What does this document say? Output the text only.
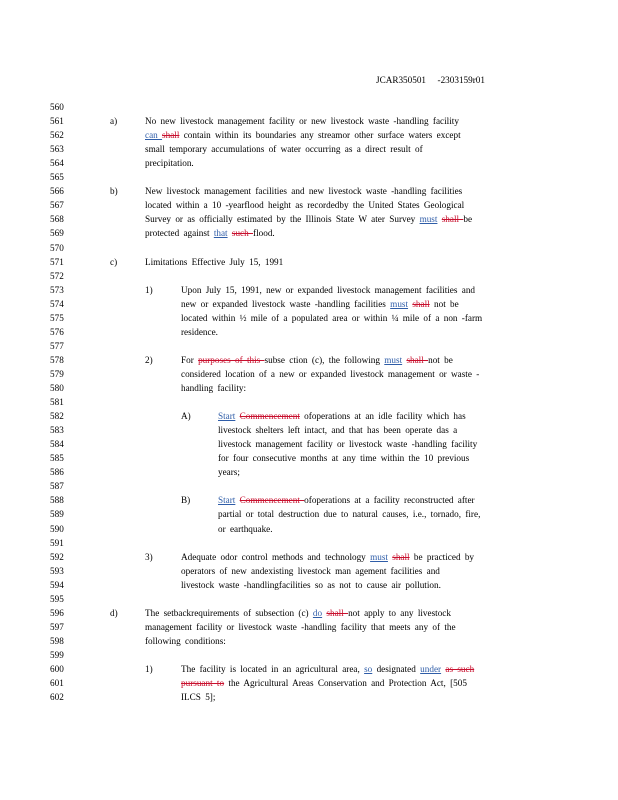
JCAR350501     -2303159r01
560
561	a)	No new livestock management facility or new livestock waste -handling facility
562	can shall contain within its boundaries any streamor other surface waters except
563	small temporary accumulations of water occurring as a direct result of
564	precipitation.
565
566	b)	New livestock management facilities and new livestock waste -handling facilities
567	located within a 10 -yearflood height as recordedby the United States Geological
568	Survey or as officially estimated by the Illinois State W ater Survey must shall be
569	protected against that such flood.
570
571	c)	Limitations Effective July 15, 1991
572
573	1)	Upon July 15, 1991, new or expanded livestock management facilities and
574	new or expanded livestock waste -handling facilities must shall not be
575	located within ½ mile of a populated area or within ¼ mile of a non -farm
576	residence.
577
578	2)	For purposes of this subse ction (c), the following must shall not be
579	considered location of a new or expanded livestock management or waste -
580	handling facility:
581
582	A)	Start Commencement ofoperations at an idle facility which has
583	livestock shelters left intact, and that has been operate das a
584	livestock management facility or livestock waste -handling facility
585	for four consecutive months at any time within the 10 previous
586	years;
587
588	B)	Start Commencement ofoperations at a facility reconstructed after
589	partial or total destruction due to natural causes, i.e., tornado, fire,
590	or earthquake.
591
592	3)	Adequate odor control methods and technology must shall be practiced by
593	operators of new andexisting livestock man agement facilities and
594	livestock waste -handlingfacilities so as not to cause air pollution.
595
596	d)	The setbackrequirements of subsection (c) do shall not apply to any livestock
597	management facility or livestock waste -handling facility that meets any of the
598	following conditions:
599
600	1)	The facility is located in an agricultural area, so designated under as such
601	pursuant to the Agricultural Areas Conservation and Protection Act, [505
602	ILCS 5];
